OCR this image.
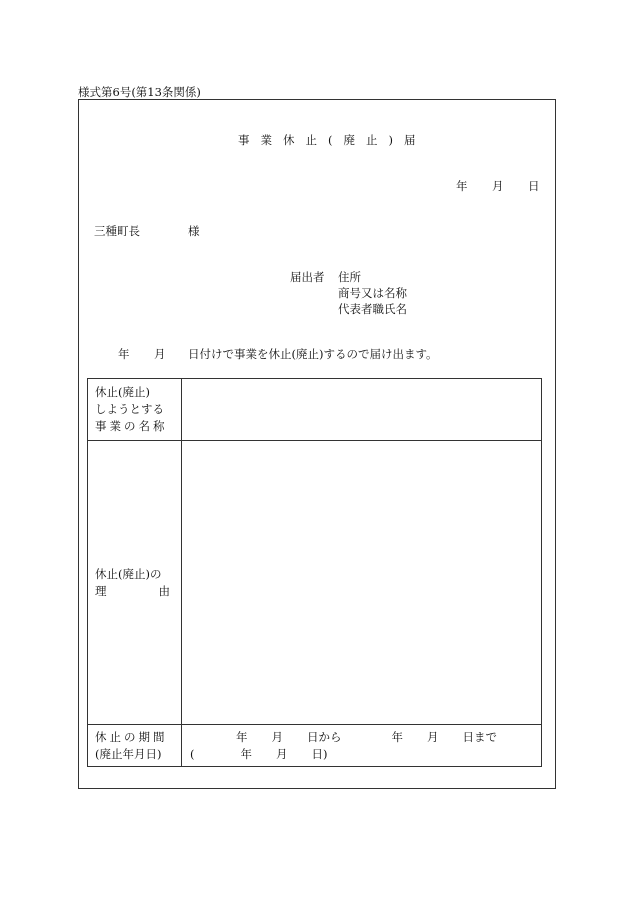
様式第6号(第13条関係)
事業休止(廃止)届
年 月 日
三種町長	様
届出者 住所
商号又は名称
代表者職氏名
年 月 日付けで事業を休止(廃止)するので届け出ます。
休止(廃止)
しようとする
事業の名称	

休止(廃止)の
理由	

休止の期間
(廃止年月日)	年 月 日から 年 月 日まで
( 年 月 日)
